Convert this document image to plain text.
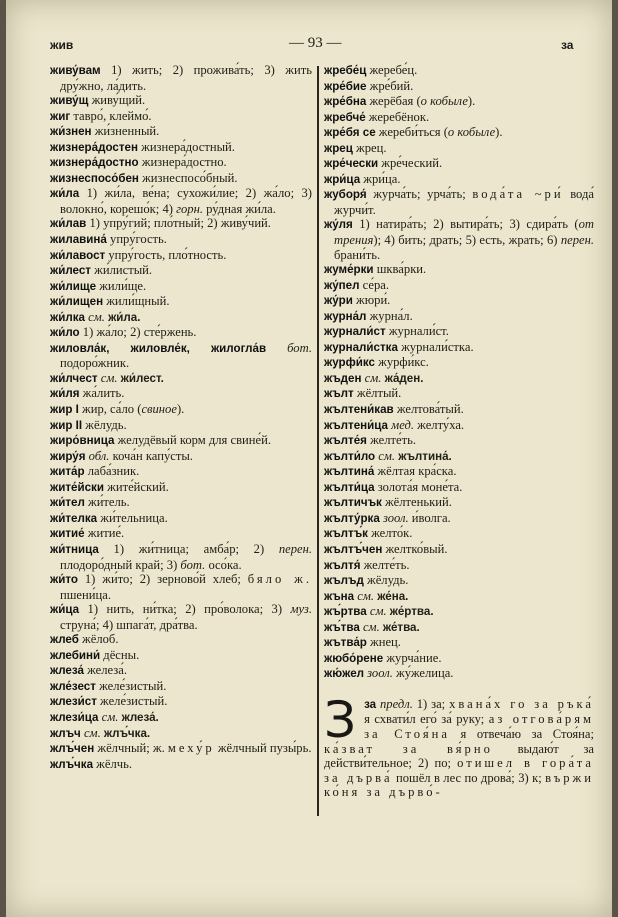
жив	— 93 —	за
живу́вам 1) жить; 2) прожива́ть; 3) жить дру́жно, ла́дить.
живу́щ живу́щий.
жиг тавро́, клеймо́.
жи́знен жи́зненный.
жизнера́достен жизнера́достный.
жизнера́достно жизнера́достно.
жизнеспосо́бен жизнеспосо́бный.
жи́ла 1) жи́ла, ве́на; сухожи́лие; 2) жа́ло; 3) волокно́, корешо́к; 4) горн. ру́дная жи́ла.
жи́лав 1) упру́гий; пло́тный; 2) живу́чий.
жилавина́ упру́гость.
жи́лавост упру́гость, пло́тность.
жи́лест жи́листый.
жи́лище жили́ще.
жи́лищен жили́щный.
жи́лка см. жи́ла.
жи́ло 1) жа́ло; 2) сте́ржень.
жиловла́к, жиловле́к, жилогла́в бот. подоро́жник.
жи́лчест см. жи́лест.
жи́ля жа́лить.
жир I жир, са́ло (свиное).
жир II жёлудь.
жиро́вница желудёвый корм для свине́й.
жиру́я обл. коча́н капу́сты.
жита́р лаба́зник.
жите́йски жите́йский.
жи́тел жи́тель.
жи́телка жи́тельница.
житие́ житие́.
жи́тница 1) жи́тница; амба́р; 2) перен. плодоро́дный край; 3) бот. осо́ка.
жи́то 1) жи́то; 2) зерново́й хлеб; бяло ж. пшени́ца.
жи́ца 1) нить, ни́тка; 2) про́волока; 3) муз. струна́; 4) шпага́т, дра́тва.
жлеб жёлоб.
жлебини́ дёсны.
жлеза́ железа́.
жле́зест желе́зистый.
жлези́ст желе́зистый.
жлези́ца см. жлеза́.
жлъч см. жлъ́чка.
жлъ́чен жёлчный; ж. меху́р жёлчный пузы́рь.
жлъ́чка жёлчь.
жребе́ц жеребе́ц.
жре́бие жре́бий.
жре́бна жерёбая (о кобыле).
жребче́ жеребёнок.
жре́бя се жереби́ться (о кобыле).
жрец жрец.
жре́чески жре́ческий.
жри́ца жри́ца.
жуборя́ журча́ть; урча́ть; вода́та ~ри́ вода́ журчи́т.
жу́ля 1) натира́ть; 2) вытира́ть; 3) сдира́ть (от трения); 4) бить; драть; 5) есть, жрать; 6) перен. брани́ть.
жуме́рки шква́рки.
жу́пел се́ра.
жу́ри жюри́.
журна́л журна́л.
журнали́ст журнали́ст.
журнали́стка журнали́стка.
журфи́кс журфи́кс.
жъден см. жа́ден.
жълт жёлтый.
жълтени́кав желтова́тый.
жълтени́ца мед. желту́ха.
жълте́я желте́ть.
жълти́ло см. жълтина́.
жълтина́ жёлтая кра́ска.
жълти́ца золота́я моне́та.
жълтичък жёлтенький.
жълту́рка зоол. и́волга.
жълтъ́к желто́к.
жълтъ́чен желтко́вый.
жълтя́ желте́ть.
жълъд жёлудь.
жъна см. же́на.
жъ́ртва см. же́ртва.
жъ́тва см. же́тва.
жътва́р жнец.
жюбо́рене журча́ние.
жю́жел зоол. жу́желица.
З за предл. 1) за; хвана́х го за ръка́ я схвати́л его́ за́ руку; аз отгова́рям за Стоя́на я отвеча́ю за Стоя́на; ка́зват за вя́рно выдаю́т за действи́тельное; 2) по; отишел в гора́та за дърва́ пошёл в лес по дрова́; 3) к; вържи ко́ня за дърво́-
